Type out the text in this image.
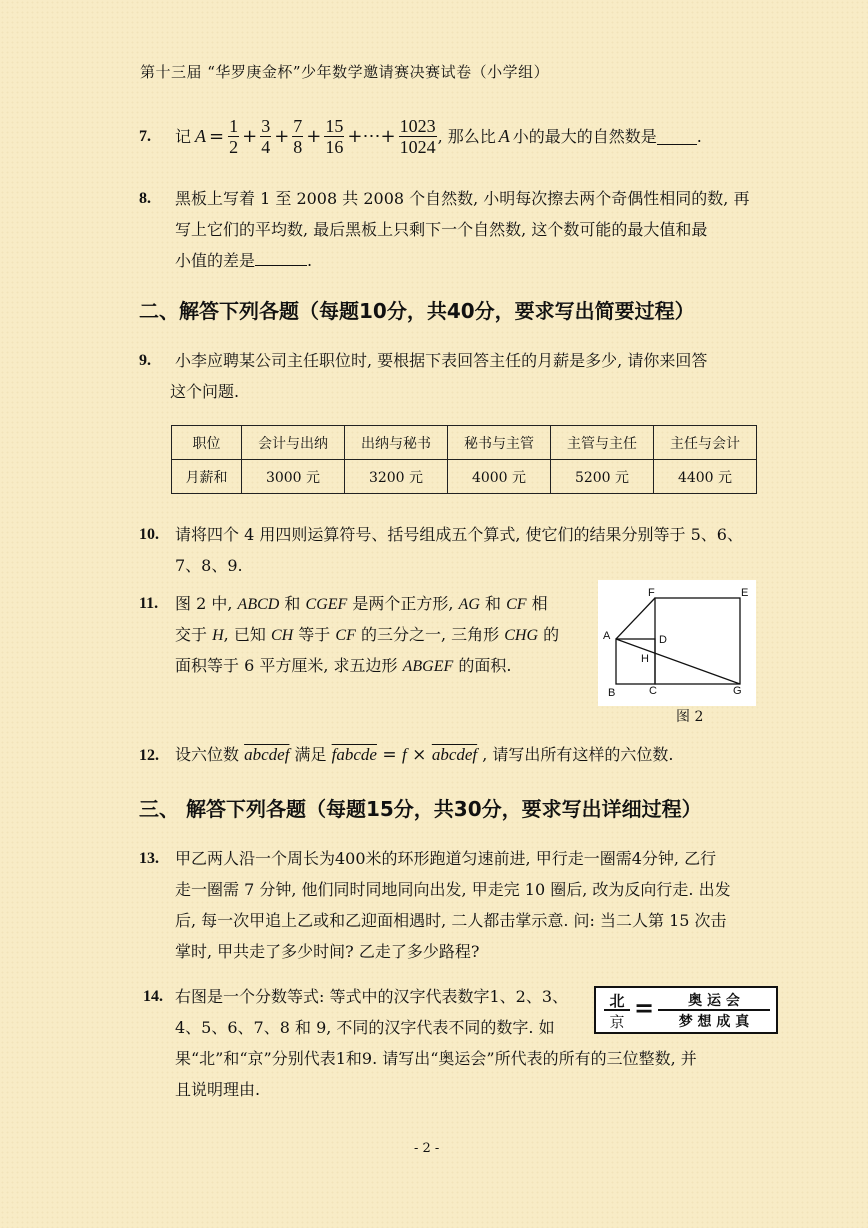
第十三届 “华罗庚金杯”少年数学邀请赛决赛试卷（小学组）
7. 记 $A = \frac{1}{2} + \frac{3}{4} + \frac{7}{8} + \frac{15}{16}$ +⋯+ $\frac{1023}{1024}$ , 那么比 A 小的最大的自然数是	.
8. 黑板上写着 1 至 2008 共 2008 个自然数, 小明每次擦去两个奇偶性相同的数, 再
写上它们的平均数, 最后黑板上只剩下一个自然数, 这个数可能的最大值和最
小值的差是	.
二、解答下列各题（每题10分，共40分，要求写出简要过程）
9. 小李应聘某公司主任职位时, 要根据下表回答主任的月薪是多少, 请你来回答
这个问题.
职位	会计与出纳	出纳与秘书	秘书与主管	主管与主任	主任与会计
月薪和	3000 元	3200 元	4000 元	5200 元	4400 元
10. 请将四个 4 用四则运算符号、括号组成五个算式, 使它们的结果分别等于 5、6、
7、8、9.
11. 图 2 中, ABCD 和 CGEF 是两个正方形, AG 和 CF 相
交于 H, 已知 CH 等于 CF 的三分之一, 三角形 CHG 的
面积等于 6 平方厘米, 求五边形 ABGEF 的面积.
A
B	C
D
E
F
G
H
图 2
12. 设六位数 abcdef 满足 fabcde = f × abcdef , 请写出所有这样的六位数.
三、 解答下列各题（每题15分，共30分，要求写出详细过程）
13. 甲乙两人沿一个周长为400米的环形跑道匀速前进, 甲行走一圈需4分钟, 乙行
走一圈需 7 分钟, 他们同时同地同向出发, 甲走完 10 圈后, 改为反向行走. 出发
后, 每一次甲追上乙或和乙迎面相遇时, 二人都击掌示意. 问: 当二人第 15 次击
掌时, 甲共走了多少时间? 乙走了多少路程?
14. 右图是一个分数等式: 等式中的汉字代表数字1、2、3、
4、5、6、7、8 和 9, 不同的汉字代表不同的数字. 如
果“北”和“京”分别代表1和9. 请写出“奥运会”所代表的所有的三位整数, 并
且说明理由.
北
京 =	奥 运 会
梦 想 成 真
- 2 -
